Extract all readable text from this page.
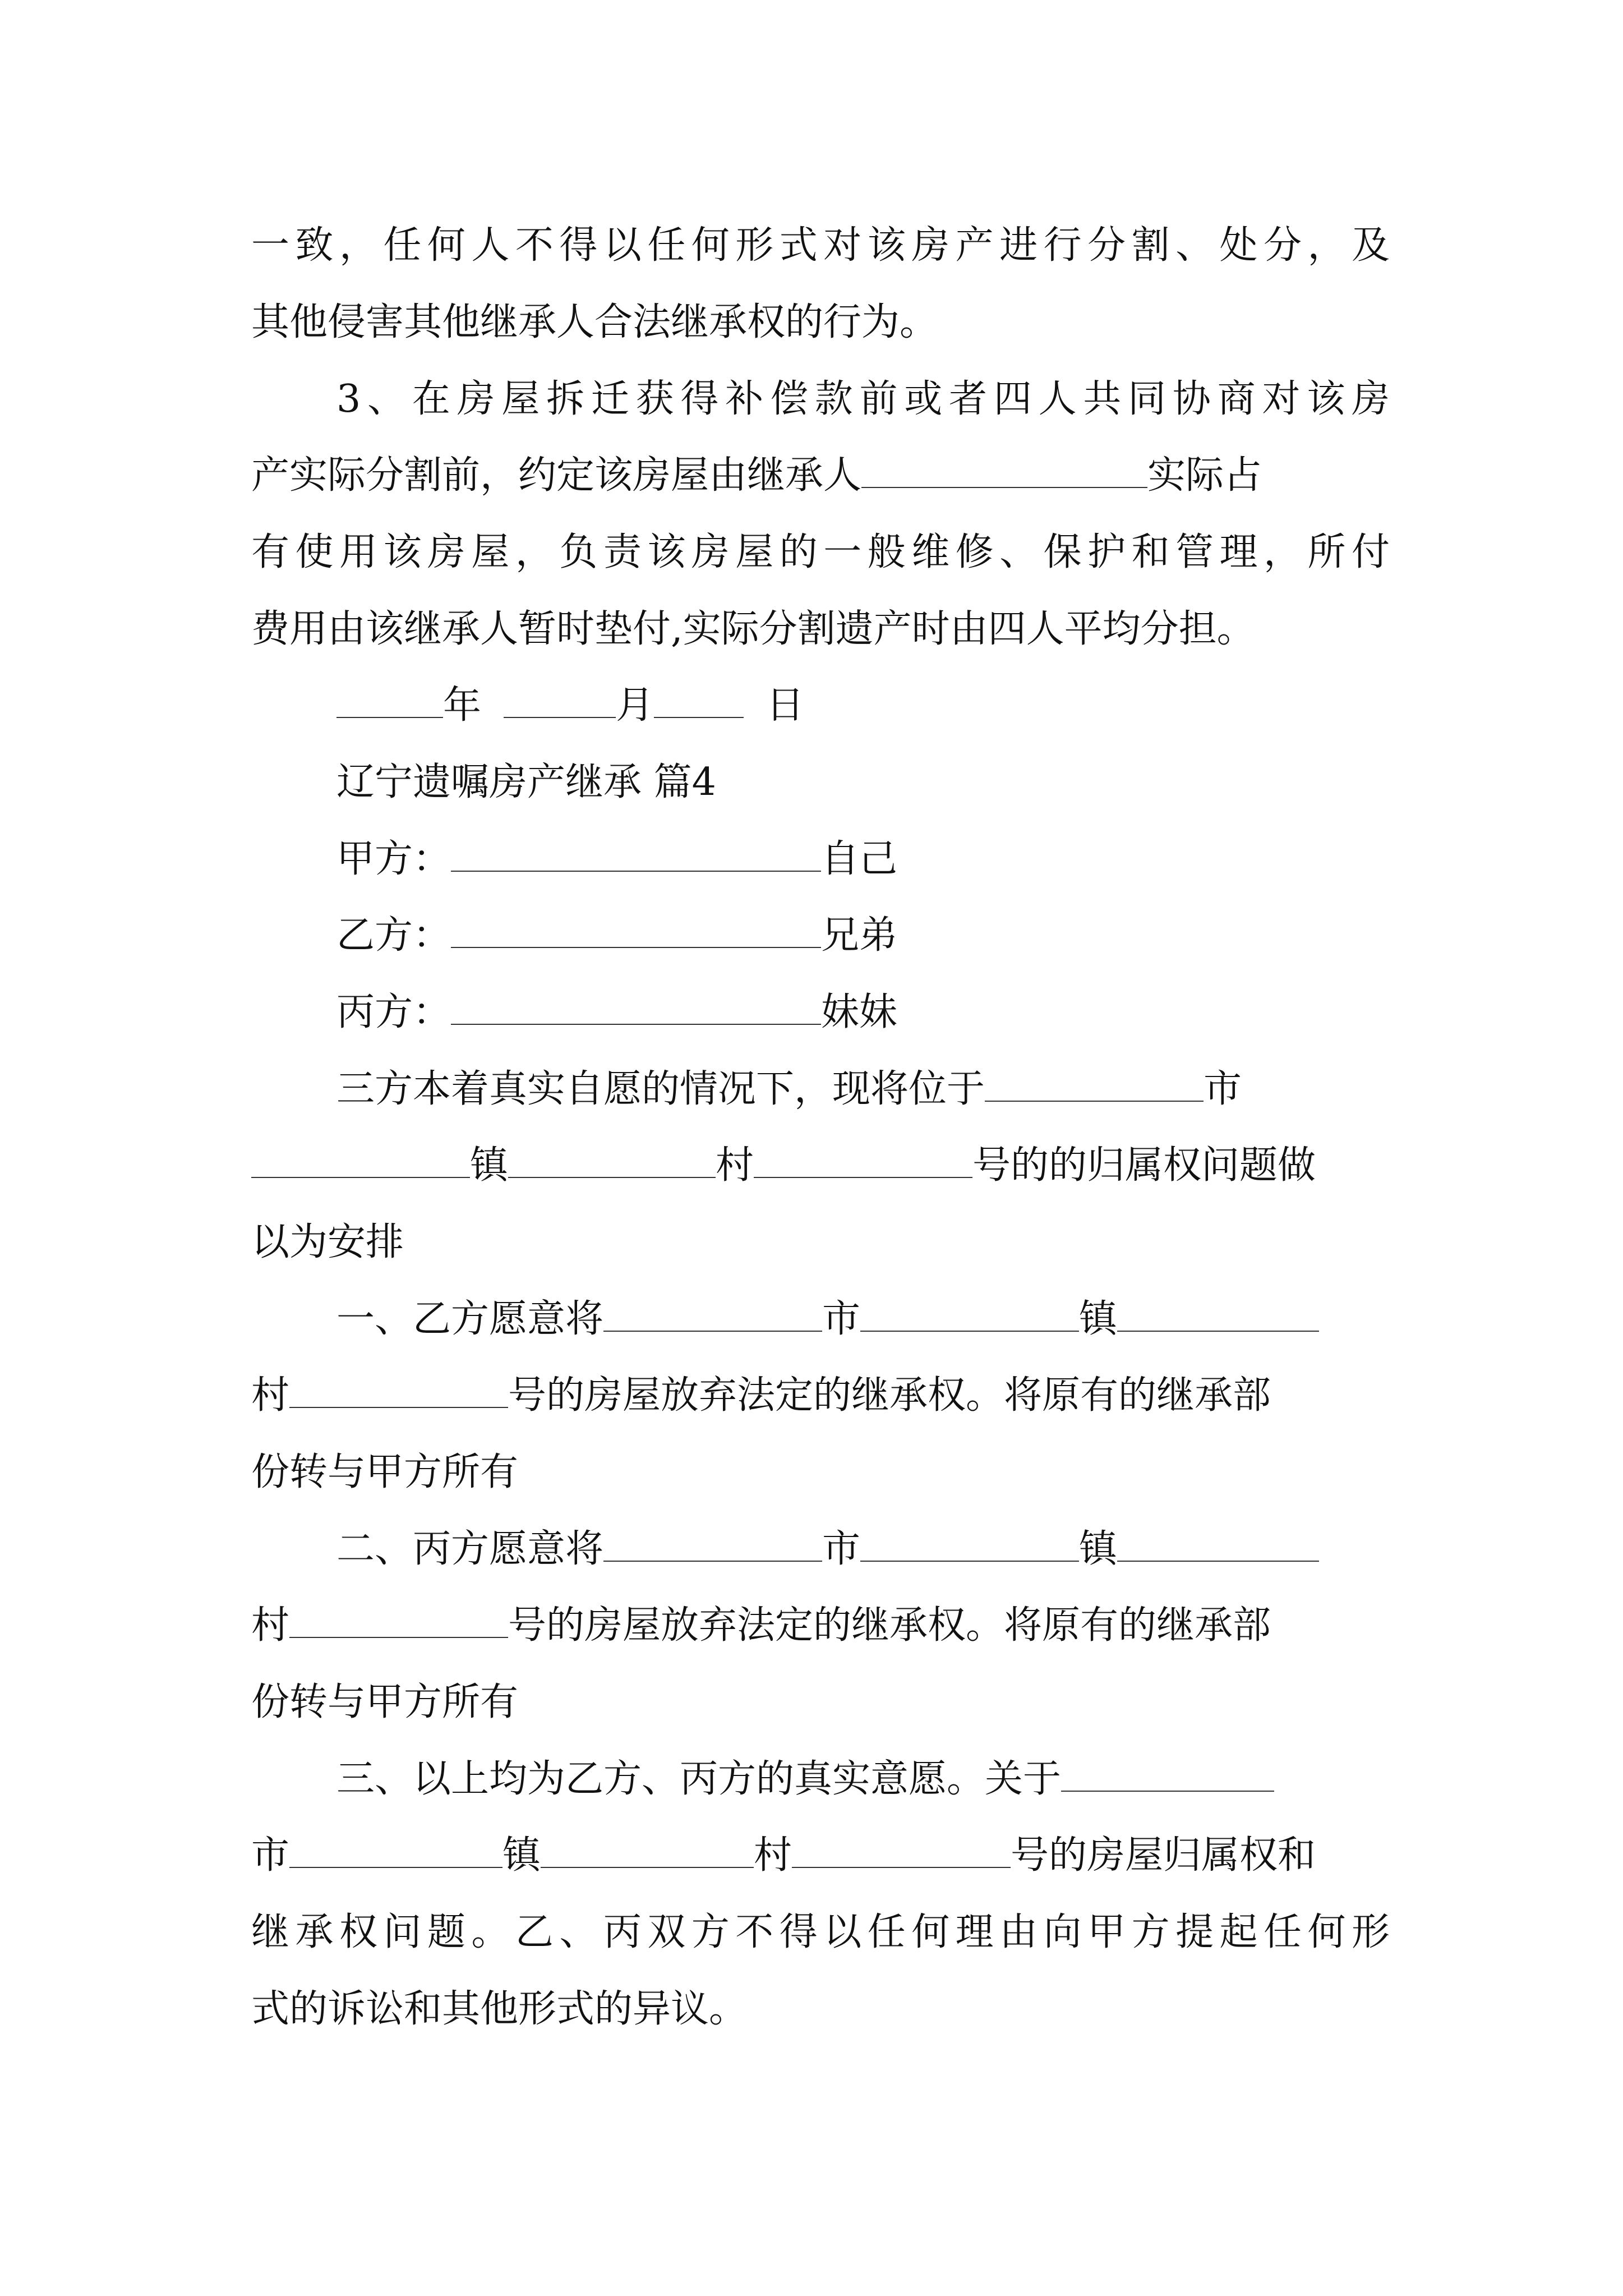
一致，任何人不得以任何形式对该房产进行分割、处分，及
其他侵害其他继承人合法继承权的行为。
3、在房屋拆迁获得补偿款前或者四人共同协商对该房
产实际分割前，约定该房屋由继承人	实际占
有使用该房屋，负责该房屋的一般维修、保护和管理，所付
费用由该继承人暂时垫付,实际分割遗产时由四人平均分担。
年	月	日
辽宁遗嘱房产继承 篇4
甲方：	自己
乙方：	兄弟
丙方：	妹妹
三方本着真实自愿的情况下，现将位于	市
镇	村	号的的归属权问题做
以为安排
一、乙方愿意将	市	镇
村	号的房屋放弃法定的继承权。将原有的继承部
份转与甲方所有
二、丙方愿意将	市	镇
村	号的房屋放弃法定的继承权。将原有的继承部
份转与甲方所有
三、以上均为乙方、丙方的真实意愿。关于
市	镇	村	号的房屋归属权和
继承权问题。乙、丙双方不得以任何理由向甲方提起任何形
式的诉讼和其他形式的异议。
